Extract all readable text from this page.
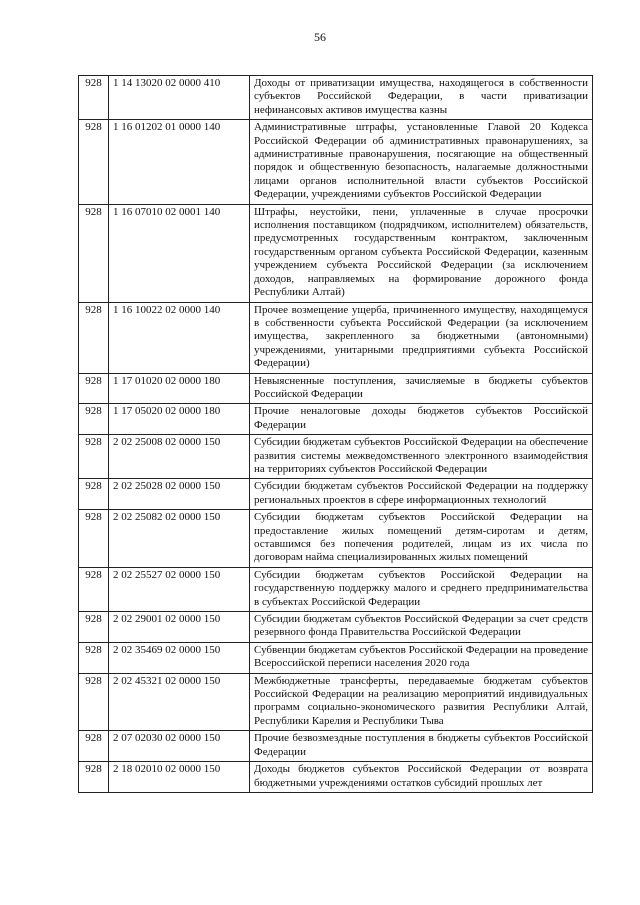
56
928	1 14 13020 02 0000 410	Доходы от приватизации имущества, находящегося в собственности субъектов Российской Федерации, в части приватизации нефинансовых активов имущества казны
928	1 16 01202 01 0000 140	Административные штрафы, установленные Главой 20 Кодекса Российской Федерации об административных правонарушениях, за административные правонарушения, посягающие на общественный порядок и общественную безопасность, налагаемые должностными лицами органов исполнительной власти субъектов Российской Федерации, учреждениями субъектов Российской Федерации
928	1 16 07010 02 0001 140	Штрафы, неустойки, пени, уплаченные в случае просрочки исполнения поставщиком (подрядчиком, исполнителем) обязательств, предусмотренных государственным контрактом, заключенным государственным органом субъекта Российской Федерации, казенным учреждением субъекта Российской Федерации (за исключением доходов, направляемых на формирование дорожного фонда Республики Алтай)
928	1 16 10022 02 0000 140	Прочее возмещение ущерба, причиненного имуществу, находящемуся в собственности субъекта Российской Федерации (за исключением имущества, закрепленного за бюджетными (автономными) учреждениями, унитарными предприятиями субъекта Российской Федерации)
928	1 17 01020 02 0000 180	Невыясненные поступления, зачисляемые в бюджеты субъектов Российской Федерации
928	1 17 05020 02 0000 180	Прочие неналоговые доходы бюджетов субъектов Российской Федерации
928	2 02 25008 02 0000 150	Субсидии бюджетам субъектов Российской Федерации на обеспечение развития системы межведомственного электронного взаимодействия на территориях субъектов Российской Федерации
928	2 02 25028 02 0000 150	Субсидии бюджетам субъектов Российской Федерации на поддержку региональных проектов в сфере информационных технологий
928	2 02 25082 02 0000 150	Субсидии бюджетам субъектов Российской Федерации на предоставление жилых помещений детям-сиротам и детям, оставшимся без попечения родителей, лицам из их числа по договорам найма специализированных жилых помещений
928	2 02 25527 02 0000 150	Субсидии бюджетам субъектов Российской Федерации на государственную поддержку малого и среднего предпринимательства в субъектах Российской Федерации
928	2 02 29001 02 0000 150	Субсидии бюджетам субъектов Российской Федерации за счет средств резервного фонда Правительства Российской Федерации
928	2 02 35469 02 0000 150	Субвенции бюджетам субъектов Российской Федерации на проведение Всероссийской переписи населения 2020 года
928	2 02 45321 02 0000 150	Межбюджетные трансферты, передаваемые бюджетам субъектов Российской Федерации на реализацию мероприятий индивидуальных программ социально-экономического развития Республики Алтай, Республики Карелия и Республики Тыва
928	2 07 02030 02 0000 150	Прочие безвозмездные поступления в бюджеты субъектов Российской Федерации
928	2 18 02010 02 0000 150	Доходы бюджетов субъектов Российской Федерации от возврата бюджетными учреждениями остатков субсидий прошлых лет
